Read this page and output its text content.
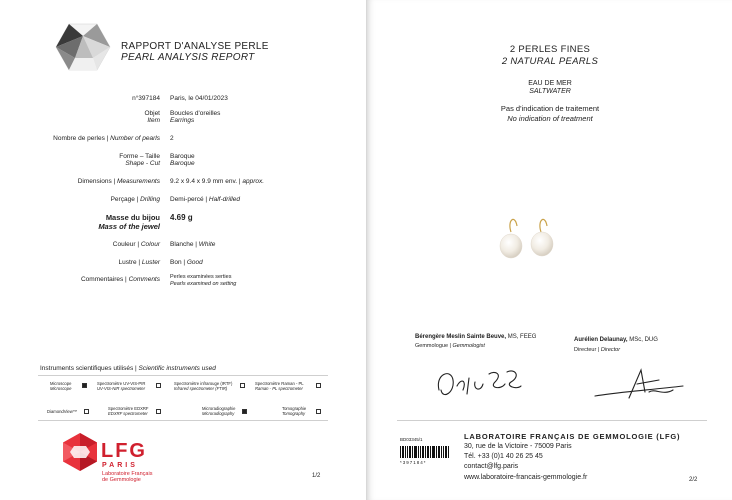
RAPPORT D'ANALYSE PERLE
PEARL ANALYSIS REPORT
n°397184 Paris, le 04/01/2023
Objet
Item
Boucles d'oreilles
Earrings
Nombre de perles | Number of pearls 2
Forme – Taille
Shape - Cut
Baroque
Baroque
Dimensions | Measurements 9.2 x 9.4 x 9.9 mm env. | approx.
Perçage | Drilling Demi-percé | Half-drilled
Masse du bijou
Mass of the jewel
4.69 g
Couleur | Colour Blanche | White
Lustre | Luster Bon | Good
Commentaires | Comments Perles examinées serties
Pearls examined on setting
Instruments scientifiques utilisés | Scientific instruments used
Microscope
Microscope
Spectromètre UV-VIS-PIR
UV-VIS-NIR spectrometer
Spectromètre infrarouge (IRTF)
Infrared spectrometer (FTIR)
Spectromètre Raman - PL
Raman - PL spectrometer
DiamondView™
Spectromètre EDXRF
EDXRF spectrometer
Microradiographie
Microradiography
Tomographie
Tomography
LFG
PARIS
Laboratoire Français
de Gemmologie
1/2
2 PERLES FINES
2 NATURAL PEARLS
EAU DE MER
SALTWATER
Pas d'indication de traitement
No indication of treatment
Bérengère Meslin Sainte Beuve, MS, FEEG
Gemmologue | Gemmologist
Aurélien Delaunay, MSc, DUG
Directeur | Director
BD03345/1
*397184*
LABORATOIRE FRANÇAIS DE GEMMOLOGIE (LFG)
30, rue de la Victoire - 75009 Paris
Tél. +33 (0)1 40 26 25 45
contact@lfg.paris
www.laboratoire-francais-gemmologie.fr	2/2
